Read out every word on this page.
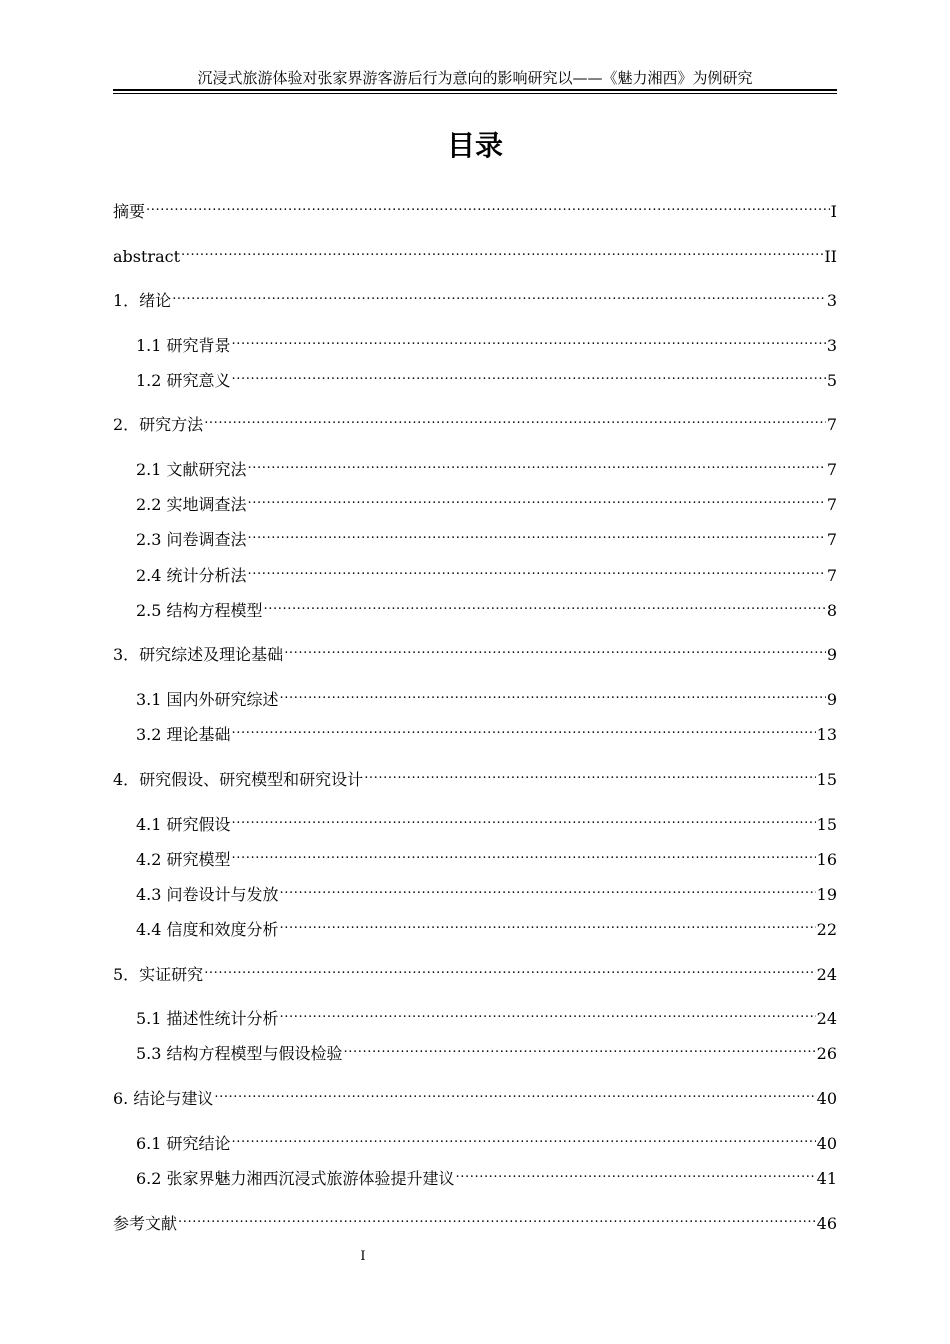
沉浸式旅游体验对张家界游客游后行为意向的影响研究以——《魅力湘西》为例研究
目录
摘要 .....	I
abstract .....	II
1．绪论 .....	3
1.1 研究背景 .....	3
1.2 研究意义 .....	5
2．研究方法 .....	7
2.1 文献研究法 .....	7
2.2 实地调查法 .....	7
2.3 问卷调查法 .....	7
2.4 统计分析法 .....	7
2.5 结构方程模型 .....	8
3．研究综述及理论基础 .....	9
3.1 国内外研究综述 .....	9
3.2 理论基础 .....	13
4．研究假设、研究模型和研究设计 .....	15
4.1 研究假设 .....	15
4.2 研究模型 .....	16
4.3 问卷设计与发放 .....	19
4.4 信度和效度分析 .....	22
5．实证研究 .....	24
5.1 描述性统计分析 .....	24
5.3 结构方程模型与假设检验 .....	26
6. 结论与建议 .....	40
6.1 研究结论 .....	40
6.2 张家界魅力湘西沉浸式旅游体验提升建议 .....	41
参考文献 .....	46
I
